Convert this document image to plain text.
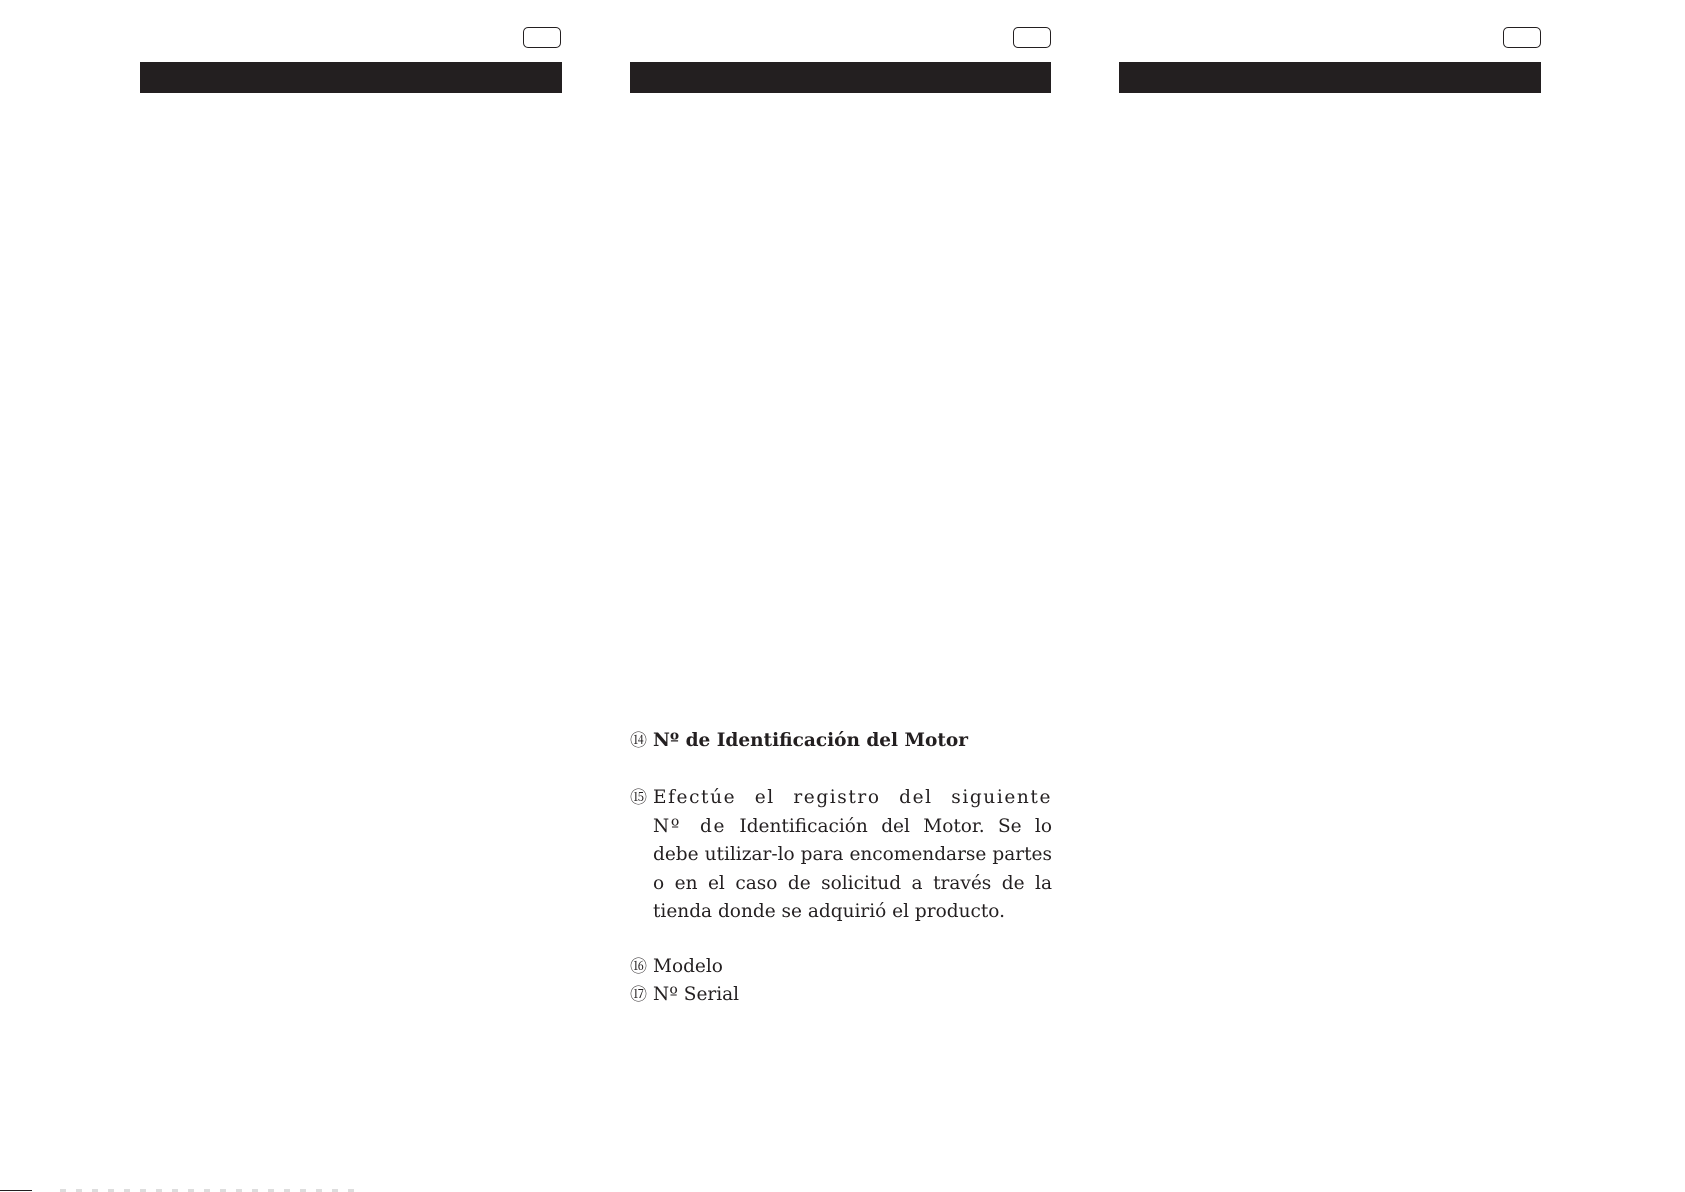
⑭ Nº de Identificación del Motor
⑮ Efectúe el registro del siguiente Nº de Identificación del Motor. Se lo debe utilizar-lo para encomendarse partes o en el caso de solicitud a través de la tienda donde se adquirió el producto.
⑯ Modelo
⑰ Nº Serial
